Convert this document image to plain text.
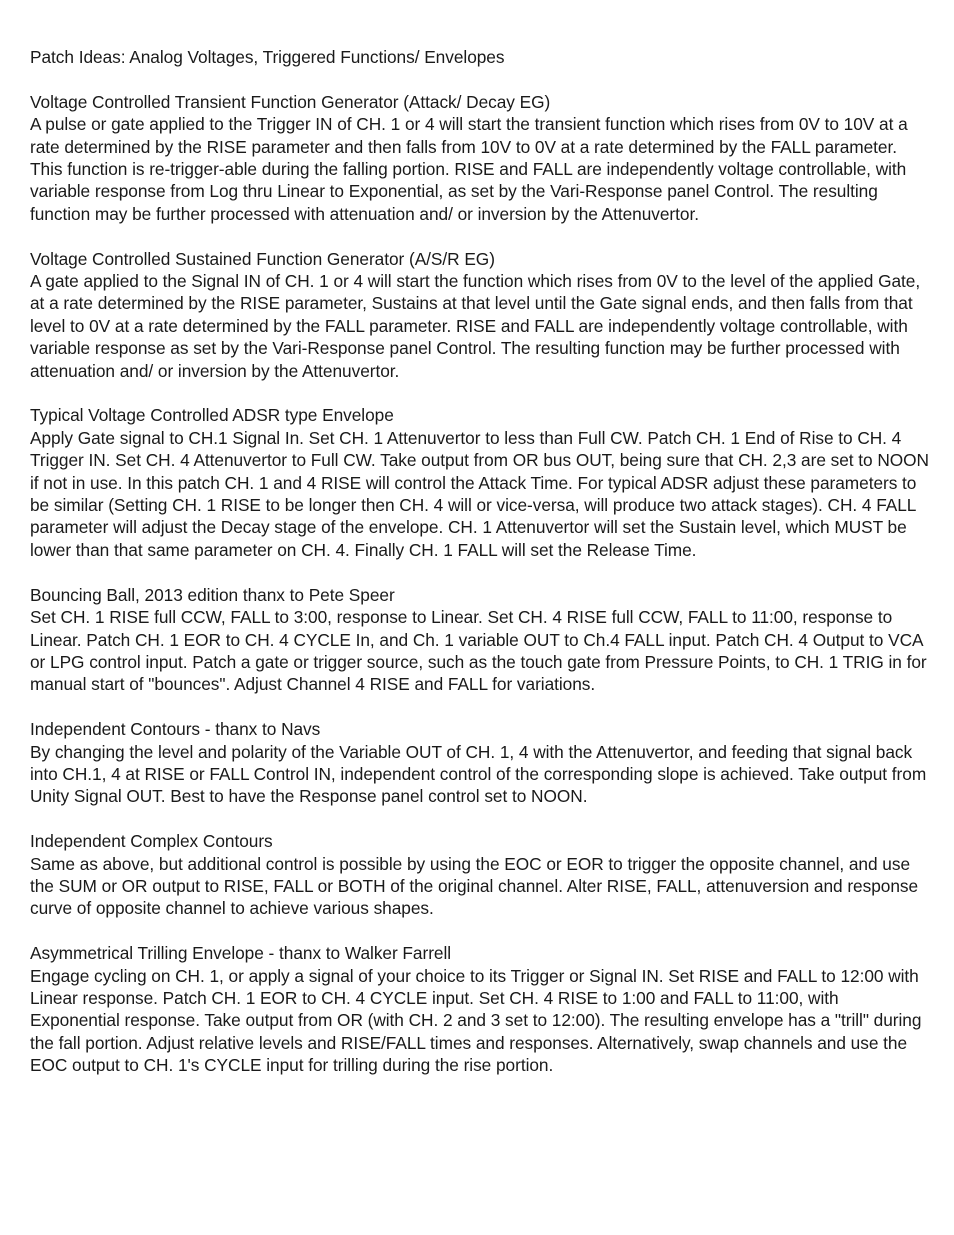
Patch Ideas: Analog Voltages, Triggered Functions/ Envelopes

Voltage Controlled Transient Function Generator (Attack/ Decay EG)
A pulse or gate applied to the Trigger IN of CH. 1 or 4 will start the transient function which rises from 0V to 10V at a rate determined by the RISE parameter and then falls from 10V to 0V at a rate determined by the FALL parameter. This function is re-trigger-able during the falling portion. RISE and FALL are independently voltage controllable, with variable response from Log thru Linear to Exponential, as set by the Vari-Response panel Control. The resulting function may be further processed with attenuation and/ or inversion by the Attenuvertor.
Voltage Controlled Sustained Function Generator (A/S/R EG)
A gate applied to the Signal IN of CH. 1 or 4 will start the function which rises from 0V to the level of the applied Gate, at a rate determined by the RISE parameter, Sustains at that level until the Gate signal ends, and then falls from that level to 0V at a rate determined by the FALL parameter. RISE and FALL are independently voltage controllable, with variable response as set by the Vari-Response panel Control. The resulting function may be further processed with attenuation and/ or inversion by the Attenuvertor.
Typical Voltage Controlled ADSR type Envelope
Apply Gate signal to CH.1 Signal In. Set CH. 1 Attenuvertor to less than Full CW. Patch CH. 1 End of Rise to CH. 4 Trigger IN. Set CH. 4 Attenuvertor to Full CW. Take output from OR bus OUT, being sure that CH. 2,3 are set to NOON if not in use. In this patch CH. 1 and 4 RISE will control the Attack Time. For typical ADSR adjust these parameters to be similar (Setting CH. 1 RISE to be longer then CH. 4 will or vice-versa, will produce two attack stages). CH. 4 FALL parameter will adjust the Decay stage of the envelope. CH. 1 Attenuvertor will set the Sustain level, which MUST be lower than that same parameter on CH. 4. Finally CH. 1 FALL will set the Release Time.
Bouncing Ball, 2013 edition thanx to Pete Speer
Set CH. 1 RISE full CCW, FALL to 3:00, response to Linear. Set CH. 4 RISE full CCW, FALL to 11:00, response to Linear. Patch CH. 1 EOR to CH. 4 CYCLE In, and Ch. 1 variable OUT to Ch.4 FALL input. Patch CH. 4 Output to VCA or LPG control input. Patch a gate or trigger source, such as the touch gate from Pressure Points, to CH. 1 TRIG in for manual start of "bounces". Adjust Channel 4 RISE and FALL for variations.
Independent Contours - thanx to Navs
By changing the level and polarity of the Variable OUT of CH. 1, 4 with the Attenuvertor, and feeding that signal back into CH.1, 4 at RISE or FALL Control IN, independent control of the corresponding slope is achieved. Take output from Unity Signal OUT. Best to have the Response panel control set to NOON.
Independent Complex Contours
Same as above, but additional control is possible by using the EOC or EOR to trigger the opposite channel, and use the SUM or OR output to RISE, FALL or BOTH of the original channel. Alter RISE, FALL, attenuversion and response curve of opposite channel to achieve various shapes.
Asymmetrical Trilling Envelope - thanx to Walker Farrell
Engage cycling on CH. 1, or apply a signal of your choice to its Trigger or Signal IN. Set RISE and FALL to 12:00 with Linear response. Patch CH. 1 EOR to CH. 4 CYCLE input. Set CH. 4 RISE to 1:00 and FALL to 11:00, with Exponential response. Take output from OR (with CH. 2 and 3 set to 12:00). The resulting envelope has a "trill" during the fall portion. Adjust relative levels and RISE/FALL times and responses. Alternatively, swap channels and use the EOC output to CH. 1's CYCLE input for trilling during the rise portion.
